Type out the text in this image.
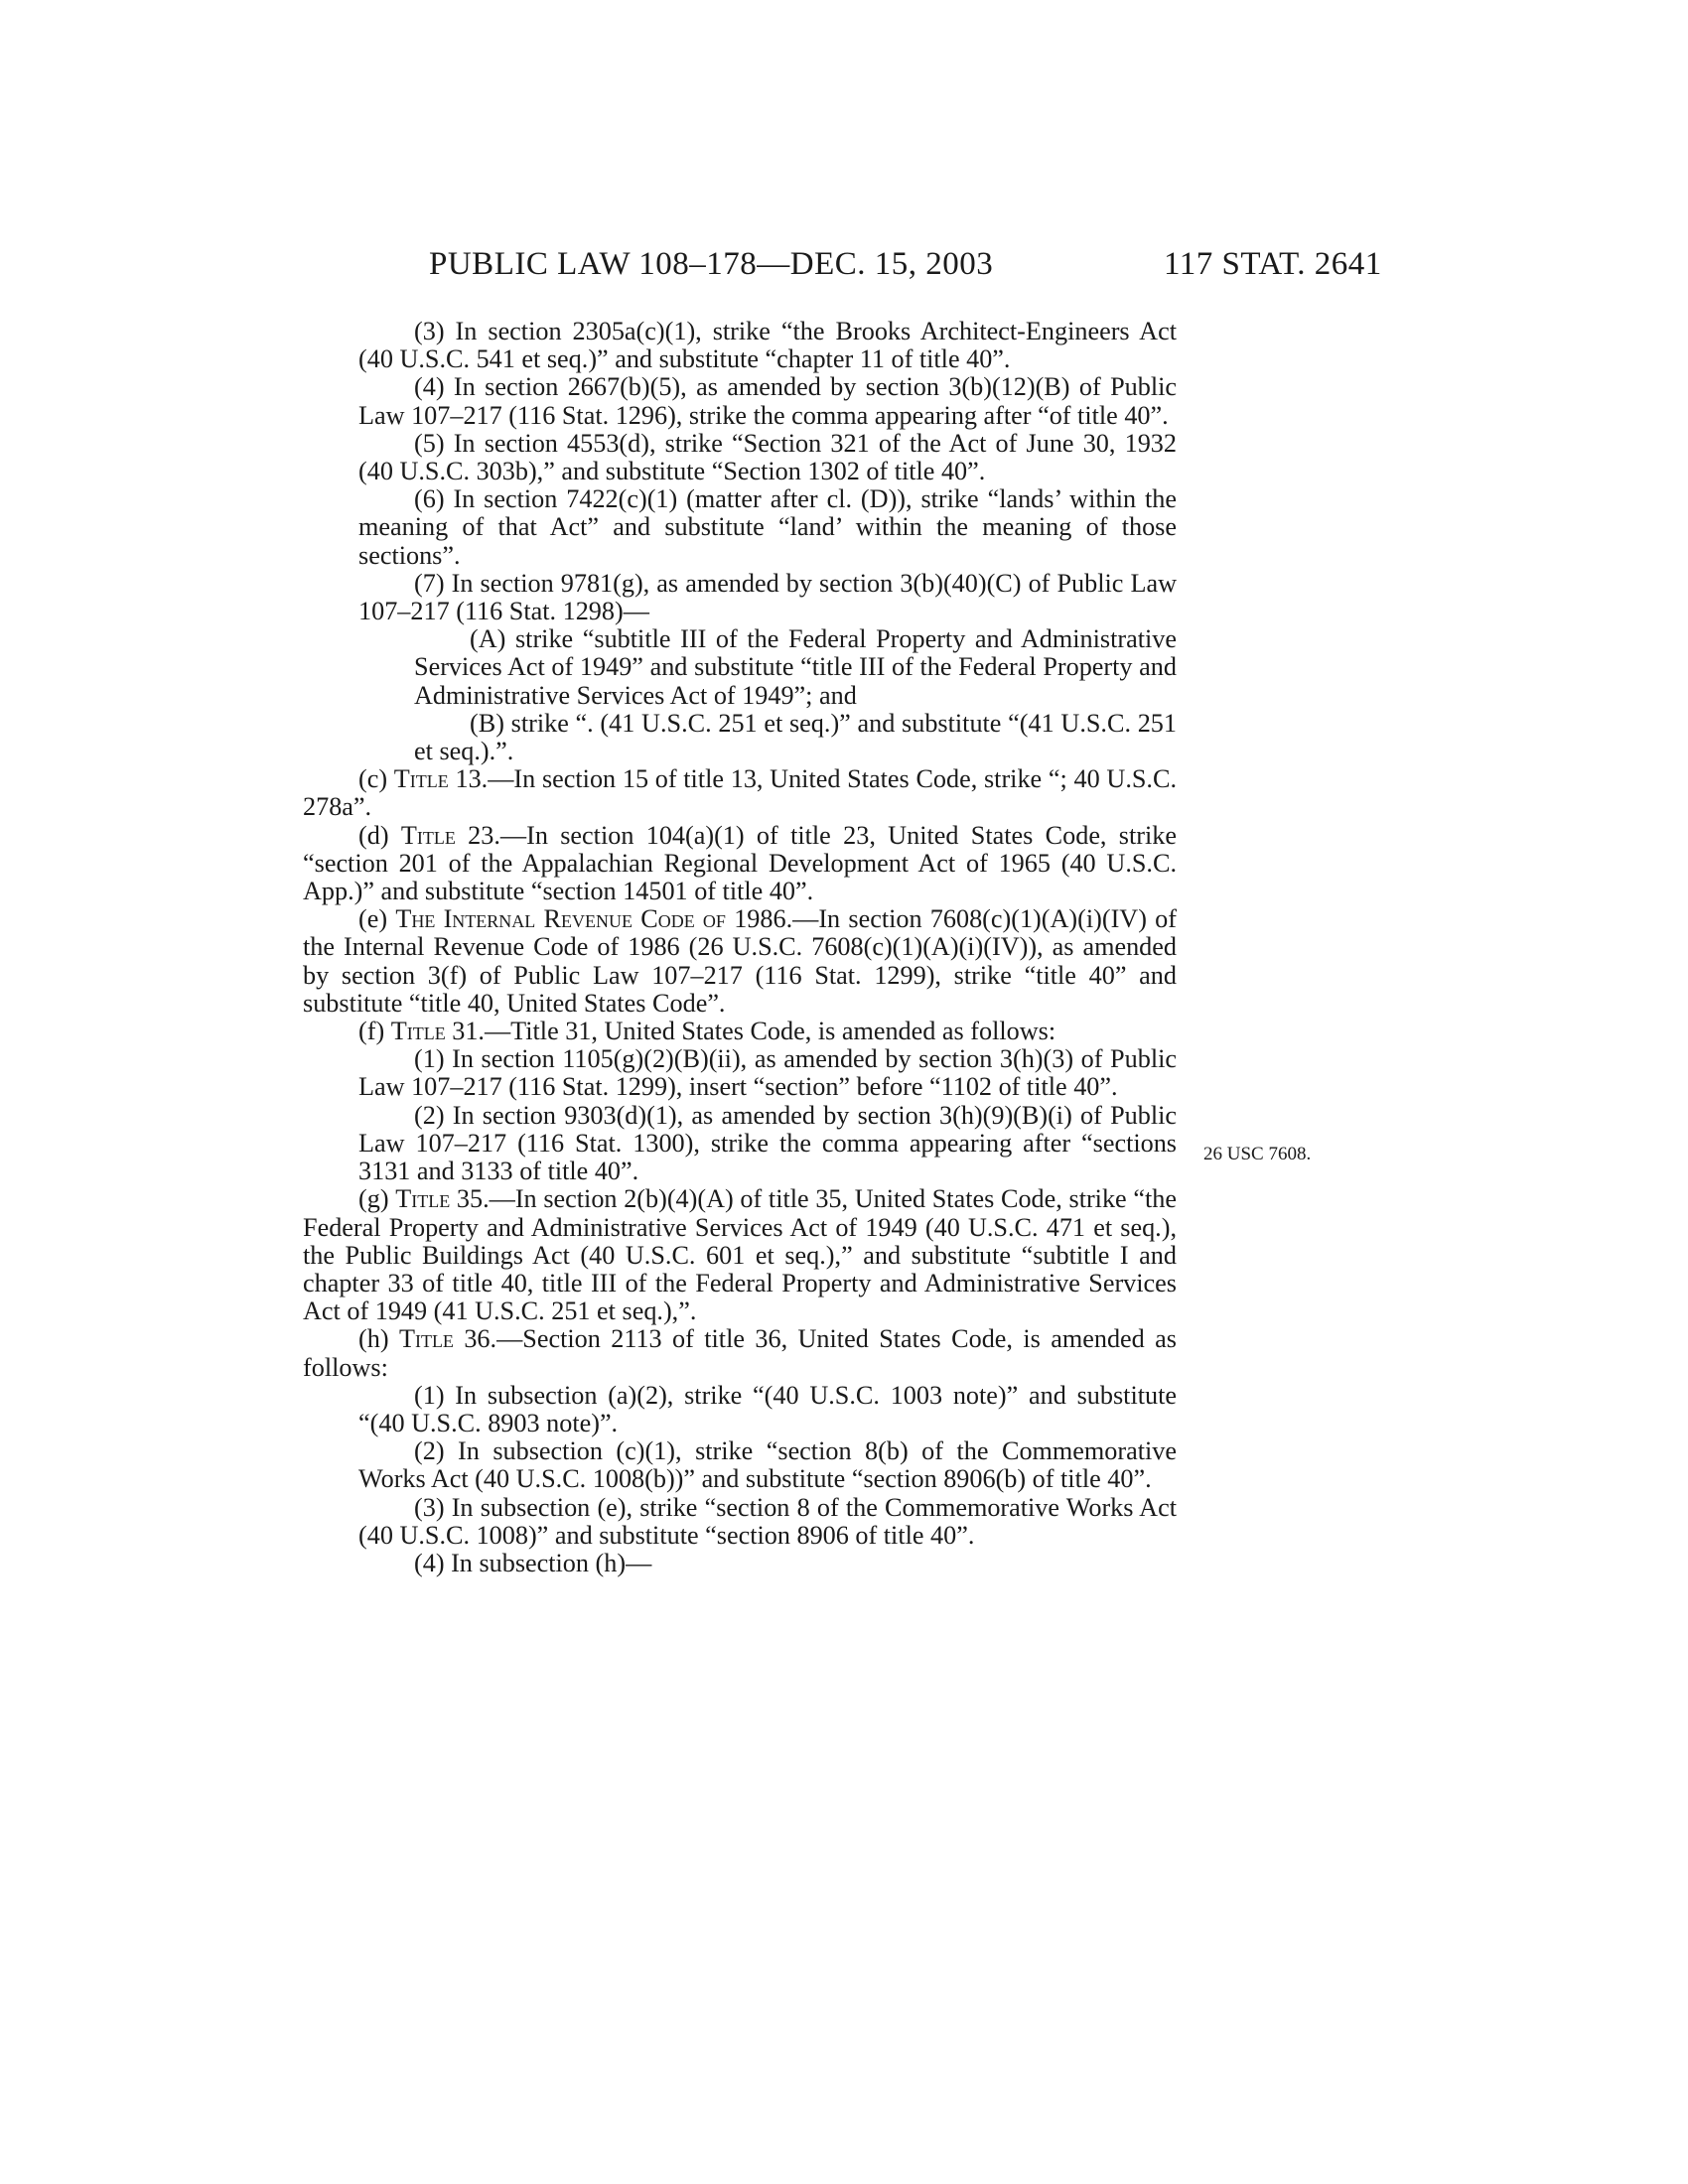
PUBLIC LAW 108–178—DEC. 15, 2003	117 STAT. 2641

(3) In section 2305a(c)(1), strike “the Brooks Architect-Engineers Act (40 U.S.C. 541 et seq.)” and substitute “chapter 11 of title 40”.

(4) In section 2667(b)(5), as amended by section 3(b)(12)(B) of Public Law 107–217 (116 Stat. 1296), strike the comma appearing after “of title 40”.

(5) In section 4553(d), strike “Section 321 of the Act of June 30, 1932 (40 U.S.C. 303b),” and substitute “Section 1302 of title 40”.

(6) In section 7422(c)(1) (matter after cl. (D)), strike “lands’ within the meaning of that Act” and substitute “land’ within the meaning of those sections”.

(7) In section 9781(g), as amended by section 3(b)(40)(C) of Public Law 107–217 (116 Stat. 1298)—

(A) strike “subtitle III of the Federal Property and Administrative Services Act of 1949” and substitute “title III of the Federal Property and Administrative Services Act of 1949”; and

(B) strike “. (41 U.S.C. 251 et seq.)” and substitute “(41 U.S.C. 251 et seq.).”.

(c) Title 13.—In section 15 of title 13, United States Code, strike “; 40 U.S.C. 278a”.

(d) Title 23.—In section 104(a)(1) of title 23, United States Code, strike “section 201 of the Appalachian Regional Development Act of 1965 (40 U.S.C. App.)” and substitute “section 14501 of title 40”.

(e) The Internal Revenue Code of 1986.—In section 7608(c)(1)(A)(i)(IV) of the Internal Revenue Code of 1986 (26 U.S.C. 7608(c)(1)(A)(i)(IV)), as amended by section 3(f) of Public Law 107–217 (116 Stat. 1299), strike “title 40” and substitute “title 40, United States Code”.

(f) Title 31.—Title 31, United States Code, is amended as follows:

(1) In section 1105(g)(2)(B)(ii), as amended by section 3(h)(3) of Public Law 107–217 (116 Stat. 1299), insert “section” before “1102 of title 40”.

(2) In section 9303(d)(1), as amended by section 3(h)(9)(B)(i) of Public Law 107–217 (116 Stat. 1300), strike the comma appearing after “sections 3131 and 3133 of title 40”.

(g) Title 35.—In section 2(b)(4)(A) of title 35, United States Code, strike “the Federal Property and Administrative Services Act of 1949 (40 U.S.C. 471 et seq.), the Public Buildings Act (40 U.S.C. 601 et seq.),” and substitute “subtitle I and chapter 33 of title 40, title III of the Federal Property and Administrative Services Act of 1949 (41 U.S.C. 251 et seq.),”.

(h) Title 36.—Section 2113 of title 36, United States Code, is amended as follows:

(1) In subsection (a)(2), strike “(40 U.S.C. 1003 note)” and substitute “(40 U.S.C. 8903 note)”.

(2) In subsection (c)(1), strike “section 8(b) of the Commemorative Works Act (40 U.S.C. 1008(b))” and substitute “section 8906(b) of title 40”.

(3) In subsection (e), strike “section 8 of the Commemorative Works Act (40 U.S.C. 1008)” and substitute “section 8906 of title 40”.

(4) In subsection (h)—

26 USC 7608.
